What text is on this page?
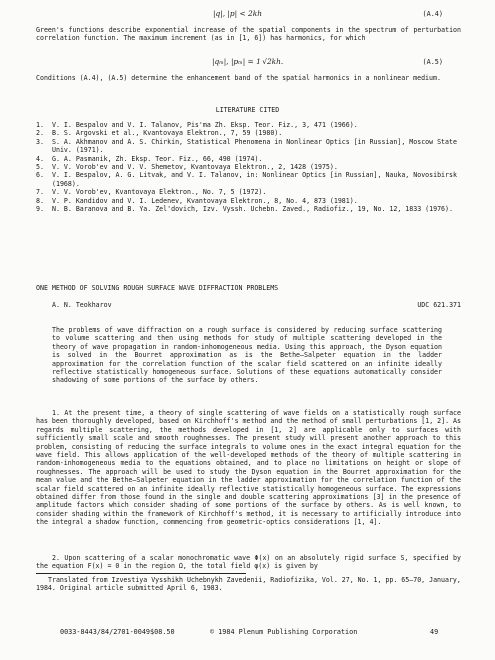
|q|, |p| < 2kh	(A.4)

Green's functions describe exponential increase of the spatial components in the spectrum of perturbation correlation function. The maximum increment (as in [1, 6]) has harmonics, for which

|qₘ|, |pₘ| = 1 √2kh.	(A.5)

Conditions (A.4), (A.5) determine the enhancement band of the spatial harmonics in a nonlinear medium.

LITERATURE CITED

1. V. I. Bespalov and V. I. Talanov, Pis'ma Zh. Eksp. Teor. Fiz., 3, 471 (1966).

2. B. S. Argovski et al., Kvantovaya Elektron., 7, 59 (1980).

3. S. A. Akhmanov and A. S. Chirkin, Statistical Phenomena in Nonlinear Optics [in Russian], Moscow State Univ. (1971).

4. G. A. Pasmanik, Zh. Eksp. Teor. Fiz., 66, 490 (1974).

5. V. V. Vorob'ev and V. V. Shemetov, Kvantovaya Elektron., 2, 1428 (1975).

6. V. I. Bespalov, A. G. Litvak, and V. I. Talanov, in: Nonlinear Optics [in Russian], Nauka, Novosibirsk (1968).

7. V. V. Vorob'ev, Kvantovaya Elektron., No. 7, 5 (1972).

8. V. P. Kandidov and V. I. Ledenev, Kvantovaya Elektron., 8, No. 4, 873 (1981).

9. N. B. Baranova and B. Ya. Zel'dovich, Izv. Vyssh. Uchebn. Zaved., Radiofiz., 19, No. 12, 1833 (1976).

ONE METHOD OF SOLVING ROUGH SURFACE WAVE DIFFRACTION PROBLEMS
A. N. Teokharov	UDC 621.371

The problems of wave diffraction on a rough surface is considered by reducing surface scattering to volume scattering and then using methods for study of multiple scattering developed in the theory of wave propagation in random-inhomogeneous media. Using this approach, the Dyson equation is solved in the Bourret approximation as is the Bethe–Salpeter equation in the ladder approximation for the correlation function of the scalar field scattered on an infinite ideally reflective statistically homogeneous surface. Solutions of these equations automatically consider shadowing of some portions of the surface by others.

1. At the present time, a theory of single scattering of wave fields on a statistically rough surface has been thoroughly developed, based on Kirchhoff's method and the method of small perturbations [1, 2]. As regards multiple scattering, the methods developed in [1, 2] are applicable only to surfaces with sufficiently small scale and smooth roughnesses. The present study will present another approach to this problem, consisting of reducing the surface integrals to volume ones in the exact integral equation for the wave field. This allows application of the well-developed methods of the theory of multiple scattering in random-inhomogeneous media to the equations obtained, and to place no limitations on height or slope of roughnesses. The approach will be used to study the Dyson equation in the Bourret approximation for the mean value and the Bethe–Salpeter equation in the ladder approximation for the correlation function of the scalar field scattered on an infinite ideally reflective statistically homogeneous surface. The expressions obtained differ from those found in the single and double scattering approximations [3] in the presence of amplitude factors which consider shading of some portions of the surface by others. As is well known, to consider shading within the framework of Kirchhoff's method, it is necessary to artificially introduce into the integral a shadow function, commencing from geometric-optics considerations [1, 4].

2. Upon scattering of a scalar monochromatic wave Φ(x) on an absolutely rigid surface S, specified by the equation F(x) = 0 in the region Ω, the total field φ(x) is given by

Translated from Izvestiya Vysshikh Uchebnykh Zavedenii, Radiofizika, Vol. 27, No. 1, pp. 65–70, January, 1984. Original article submitted April 6, 1983.

0033-8443/84/2701-0049$08.50	© 1984 Plenum Publishing Corporation	49
